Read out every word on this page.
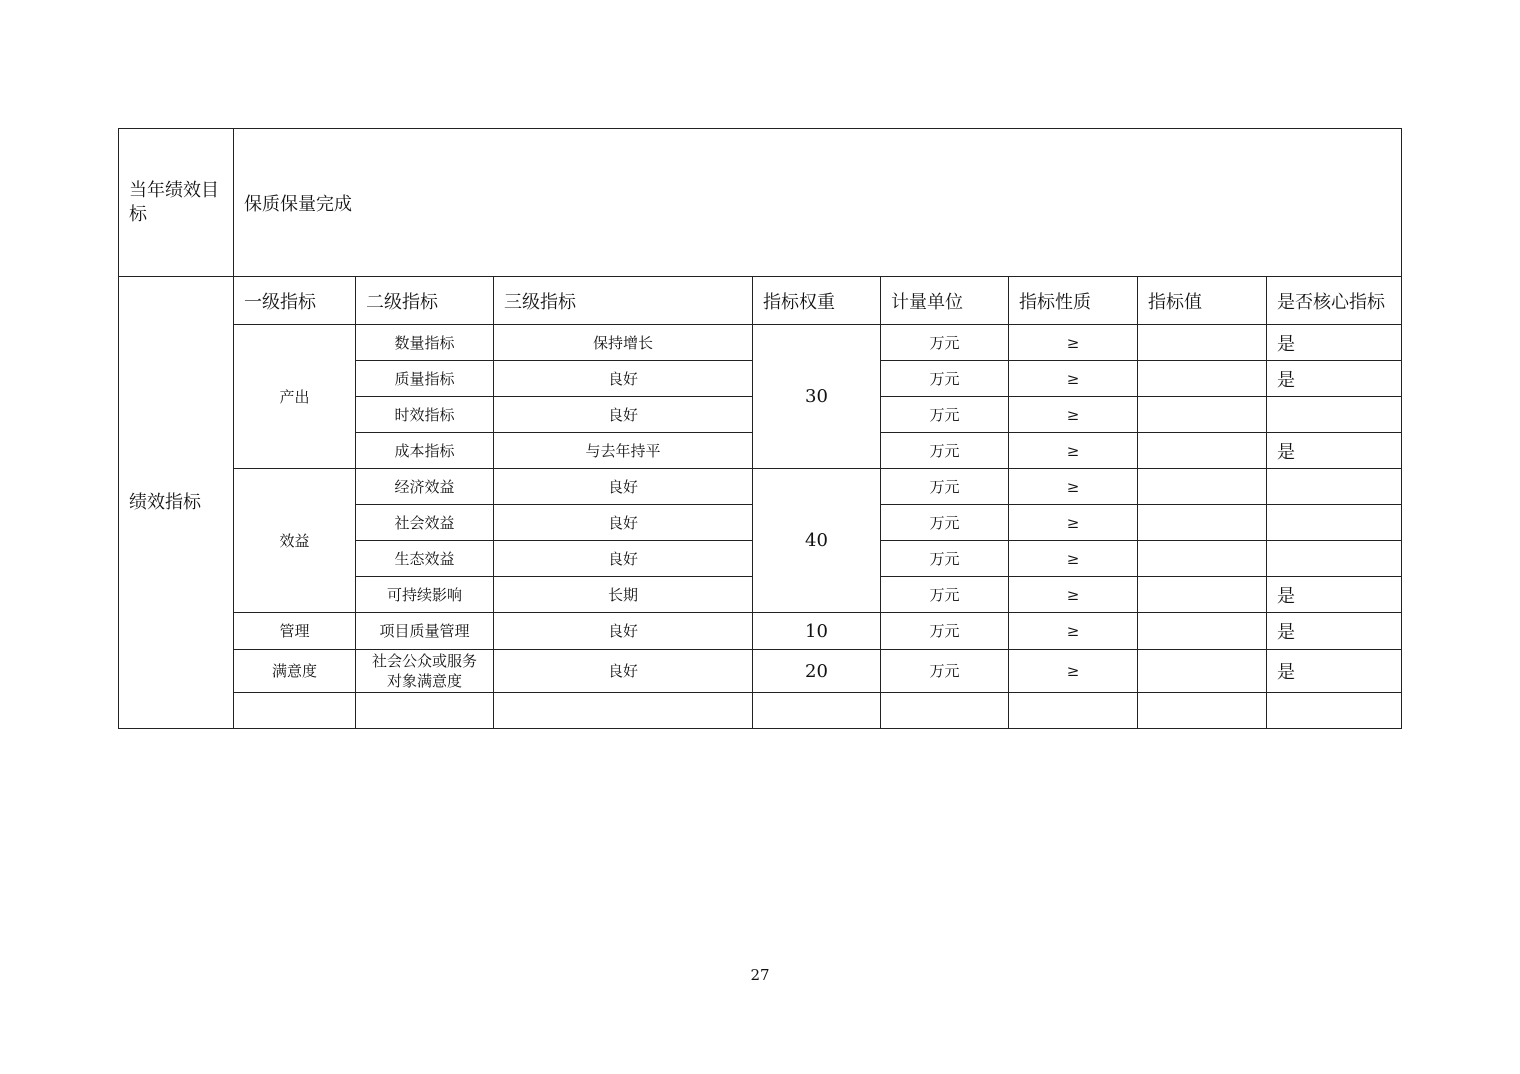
当年绩效目标	保质保量完成								
绩效指标	一级指标	二级指标	三级指标	指标权重	计量单位	指标性质	指标值	是否核心指标	
	产出	数量指标	保持增长	30	万元	≥		是	
		质量指标	良好		万元	≥		是	
		时效指标	良好		万元	≥			
		成本指标	与去年持平		万元	≥		是	
	效益	经济效益	良好	40	万元	≥			
		社会效益	良好		万元	≥			
		生态效益	良好		万元	≥			
		可持续影响	长期		万元	≥		是	
	管理	项目质量管理	良好	10	万元	≥		是	
	满意度	社会公众或服务
对象满意度	良好	20	万元	≥		是	

27
